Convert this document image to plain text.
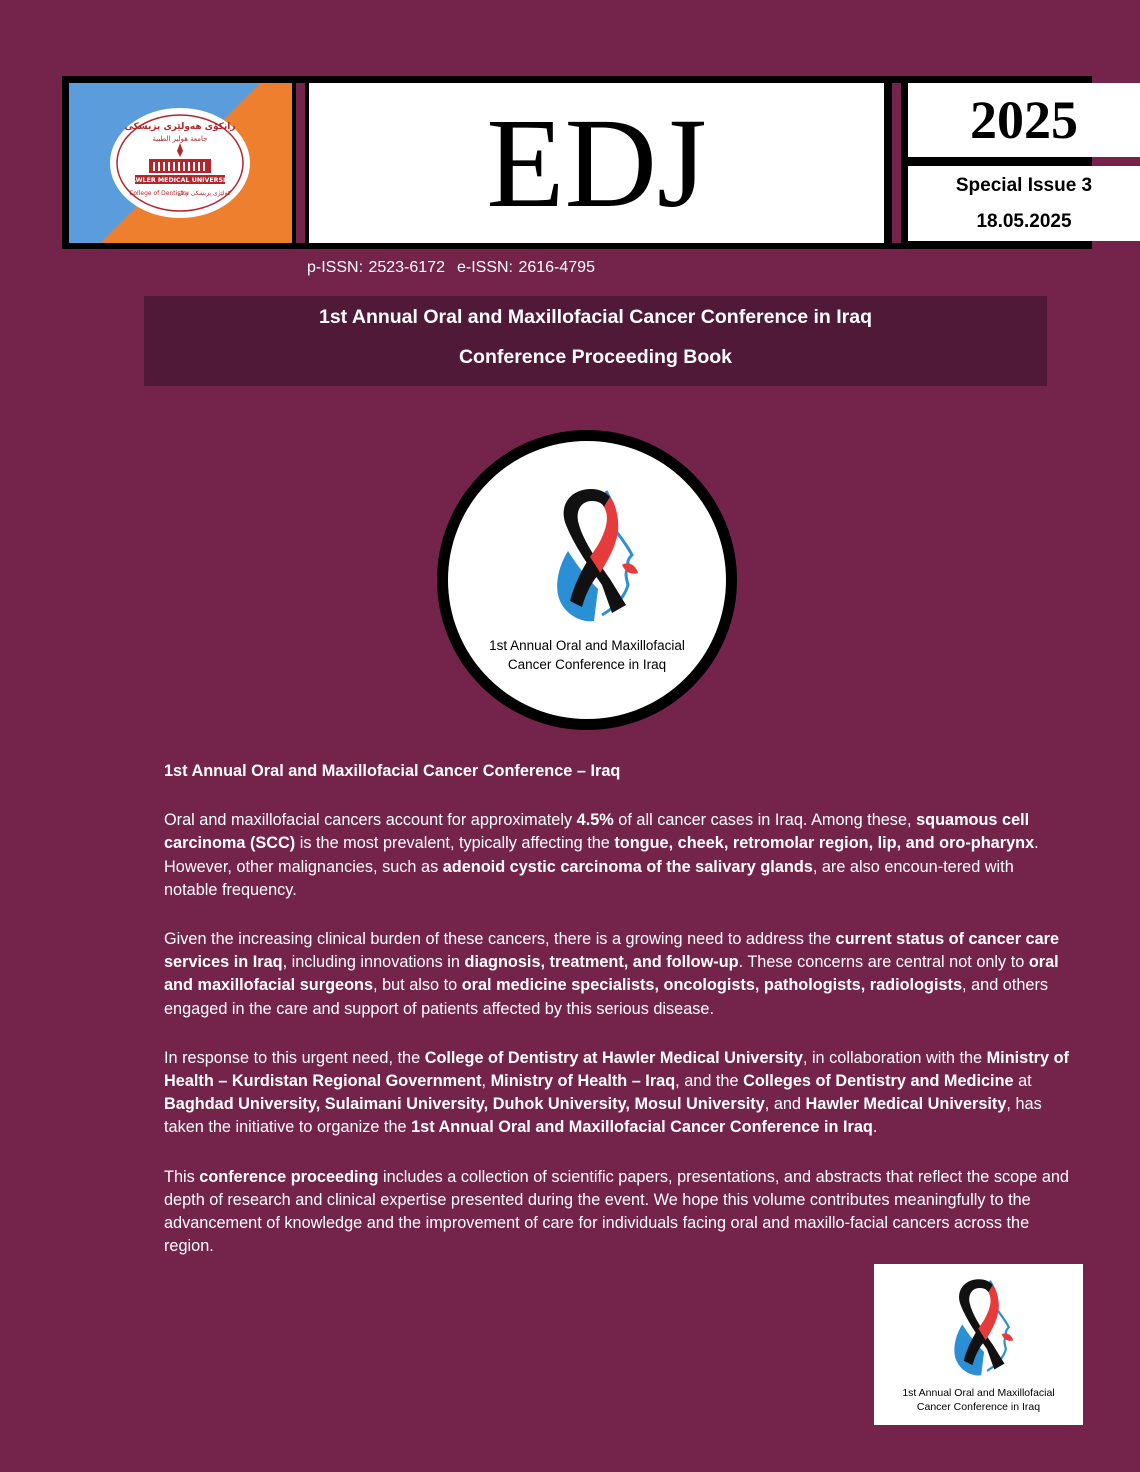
زانکۆی هەولێری پزیشکی
جامعة هولير الطبية
HAWLER MEDICAL UNIVERSITY
College of Dentistry
کۆلێژی پزیشکی ددان	EDJ	2025
Special Issue 3
18.05.2025
p-ISSN: 2523-6172 e-ISSN: 2616-4795
1st Annual Oral and Maxillofacial Cancer Conference in Iraq
Conference Proceeding Book
1st Annual Oral and Maxillofacial
Cancer Conference in Iraq
1st Annual Oral and Maxillofacial Cancer Conference – Iraq

Oral and maxillofacial cancers account for approximately 4.5% of all cancer cases in Iraq. Among these, squamous cell carcinoma (SCC) is the most prevalent, typically affecting the tongue, cheek, retromolar region, lip, and oro-pharynx. However, other malignancies, such as adenoid cystic carcinoma of the salivary glands, are also encoun-tered with notable frequency.

Given the increasing clinical burden of these cancers, there is a growing need to address the current status of cancer care services in Iraq, including innovations in diagnosis, treatment, and follow-up. These concerns are central not only to oral and maxillofacial surgeons, but also to oral medicine specialists, oncologists, pathologists, radiologists, and others engaged in the care and support of patients affected by this serious disease.

In response to this urgent need, the College of Dentistry at Hawler Medical University, in collaboration with the Ministry of Health – Kurdistan Regional Government, Ministry of Health – Iraq, and the Colleges of Dentistry and Medicine at Baghdad University, Sulaimani University, Duhok University, Mosul University, and Hawler Medical University, has taken the initiative to organize the 1st Annual Oral and Maxillofacial Cancer Conference in Iraq.

This conference proceeding includes a collection of scientific papers, presentations, and abstracts that reflect the scope and depth of research and clinical expertise presented during the event. We hope this volume contributes meaningfully to the advancement of knowledge and the improvement of care for individuals facing oral and maxillo-facial cancers across the region.

1st Annual Oral and Maxillofacial
Cancer Conference in Iraq
